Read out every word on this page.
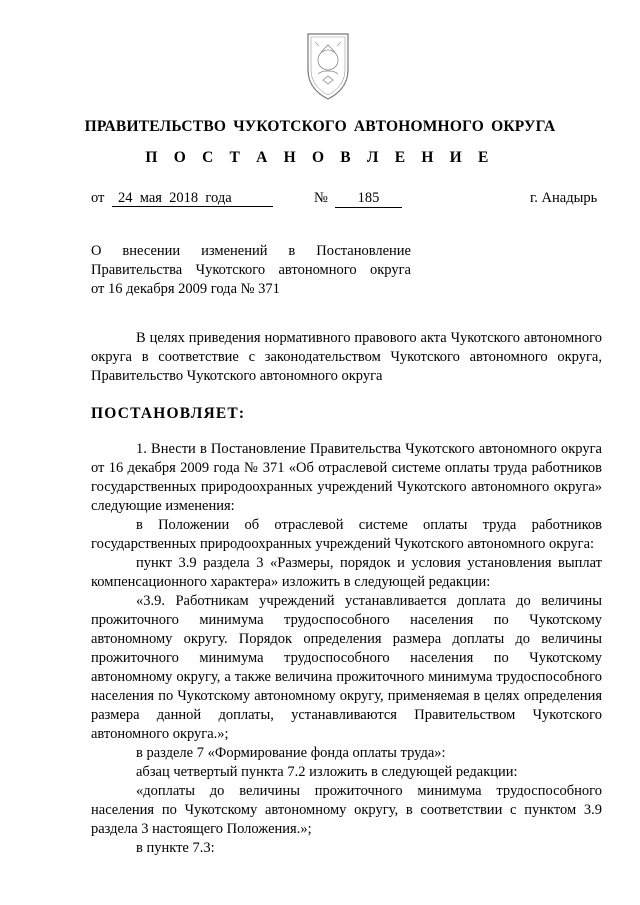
ПРАВИТЕЛЬСТВО ЧУКОТСКОГО АВТОНОМНОГО ОКРУГА
П О С Т А Н О В Л Е Н И Е
от 24  мая  2018  года	№	185	г. Анадырь
О внесении изменений в Постановление
Правительства Чукотского автономного округа
от 16 декабря 2009 года № 371

В целях приведения нормативного правового акта Чукотского автономного округа в соответствие с законодательством Чукотского автономного округа, Правительство Чукотского автономного округа

ПОСТАНОВЛЯЕТ:

1. Внести в Постановление Правительства Чукотского автономного округа от 16 декабря 2009 года № 371 «Об отраслевой системе оплаты труда работников государственных природоохранных учреждений Чукотского автономного округа» следующие изменения:

в Положении об отраслевой системе оплаты труда работников государственных природоохранных учреждений Чукотского автономного округа:

пункт 3.9 раздела 3 «Размеры, порядок и условия установления выплат компенсационного характера» изложить в следующей редакции:

«3.9. Работникам учреждений устанавливается доплата до величины прожиточного минимума трудоспособного населения по Чукотскому автономному округу. Порядок определения размера доплаты до величины прожиточного минимума трудоспособного населения по Чукотскому автономному округу, а также величина прожиточного минимума трудоспособного населения по Чукотскому автономному округу, применяемая в целях определения размера данной доплаты, устанавливаются Правительством Чукотского автономного округа.»;

в разделе 7 «Формирование фонда оплаты труда»:

абзац четвертый пункта 7.2 изложить в следующей редакции:

«доплаты до величины прожиточного минимума трудоспособного населения по Чукотскому автономному округу, в соответствии с пунктом 3.9 раздела 3 настоящего Положения.»;

в пункте 7.3:
